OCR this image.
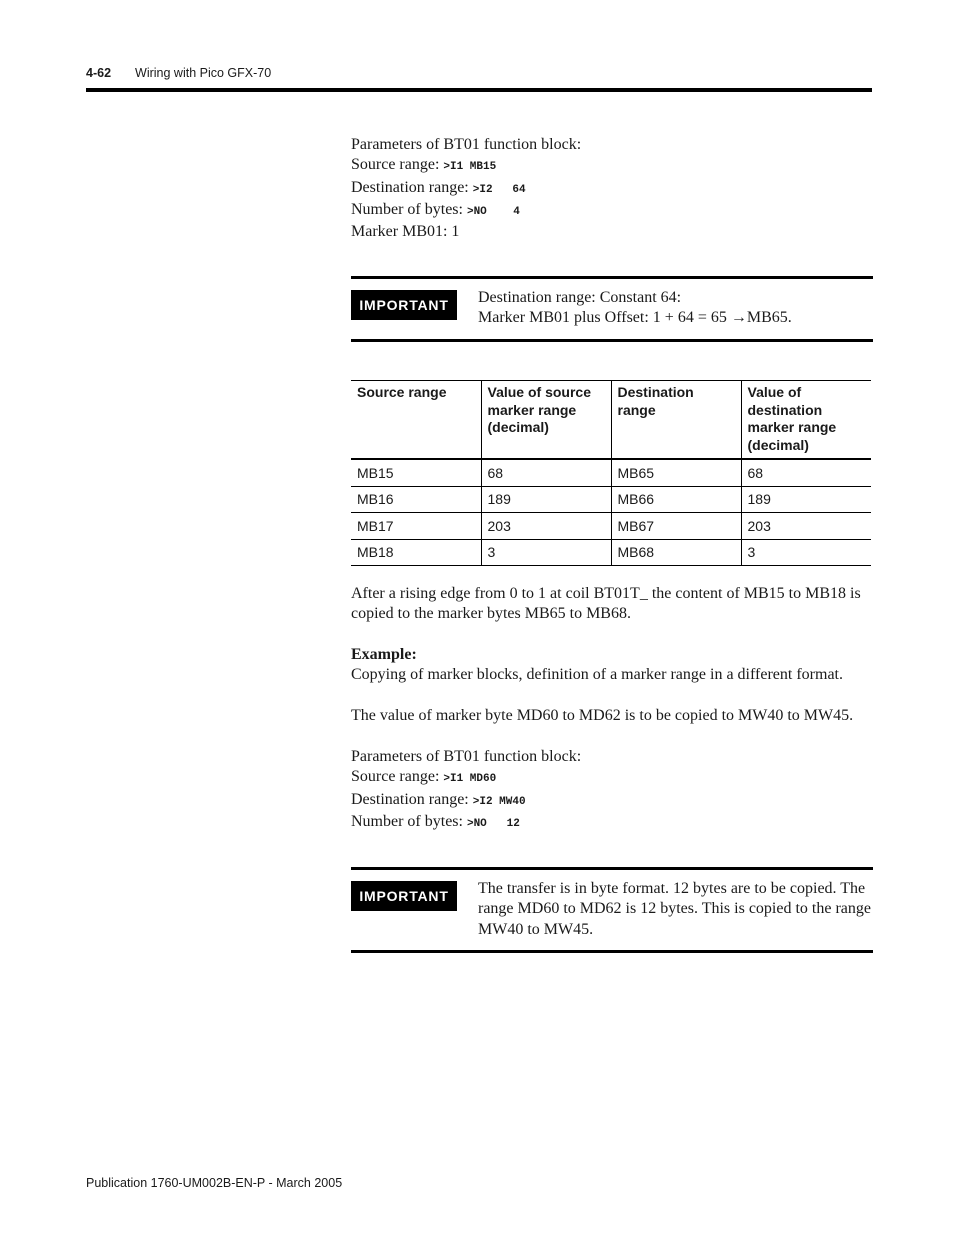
4-62 Wiring with Pico GFX-70
Parameters of BT01 function block:
Source range: >I1 MB15
Destination range: >I2   64
Number of bytes: >NO    4
Marker MB01: 1
IMPORTANT	Destination range: Constant 64:
Marker MB01 plus Offset: 1 + 64 = 65 →MB65.
Source range	Value of source marker range (decimal)	Destination range	Value of destination marker range (decimal)
MB15	68	MB65	68
MB16	189	MB66	189
MB17	203	MB67	203
MB18	3	MB68	3
After a rising edge from 0 to 1 at coil BT01T_ the content of MB15 to MB18 is copied to the marker bytes MB65 to MB68.
Example:
Copying of marker blocks, definition of a marker range in a different format.
The value of marker byte MD60 to MD62 is to be copied to MW40 to MW45.
Parameters of BT01 function block:
Source range: >I1 MD60
Destination range: >I2 MW40
Number of bytes: >NO   12
IMPORTANT	The transfer is in byte format. 12 bytes are to be copied. The range MD60 to MD62 is 12 bytes. This is copied to the range MW40 to MW45.
Publication 1760-UM002B-EN-P - March 2005
